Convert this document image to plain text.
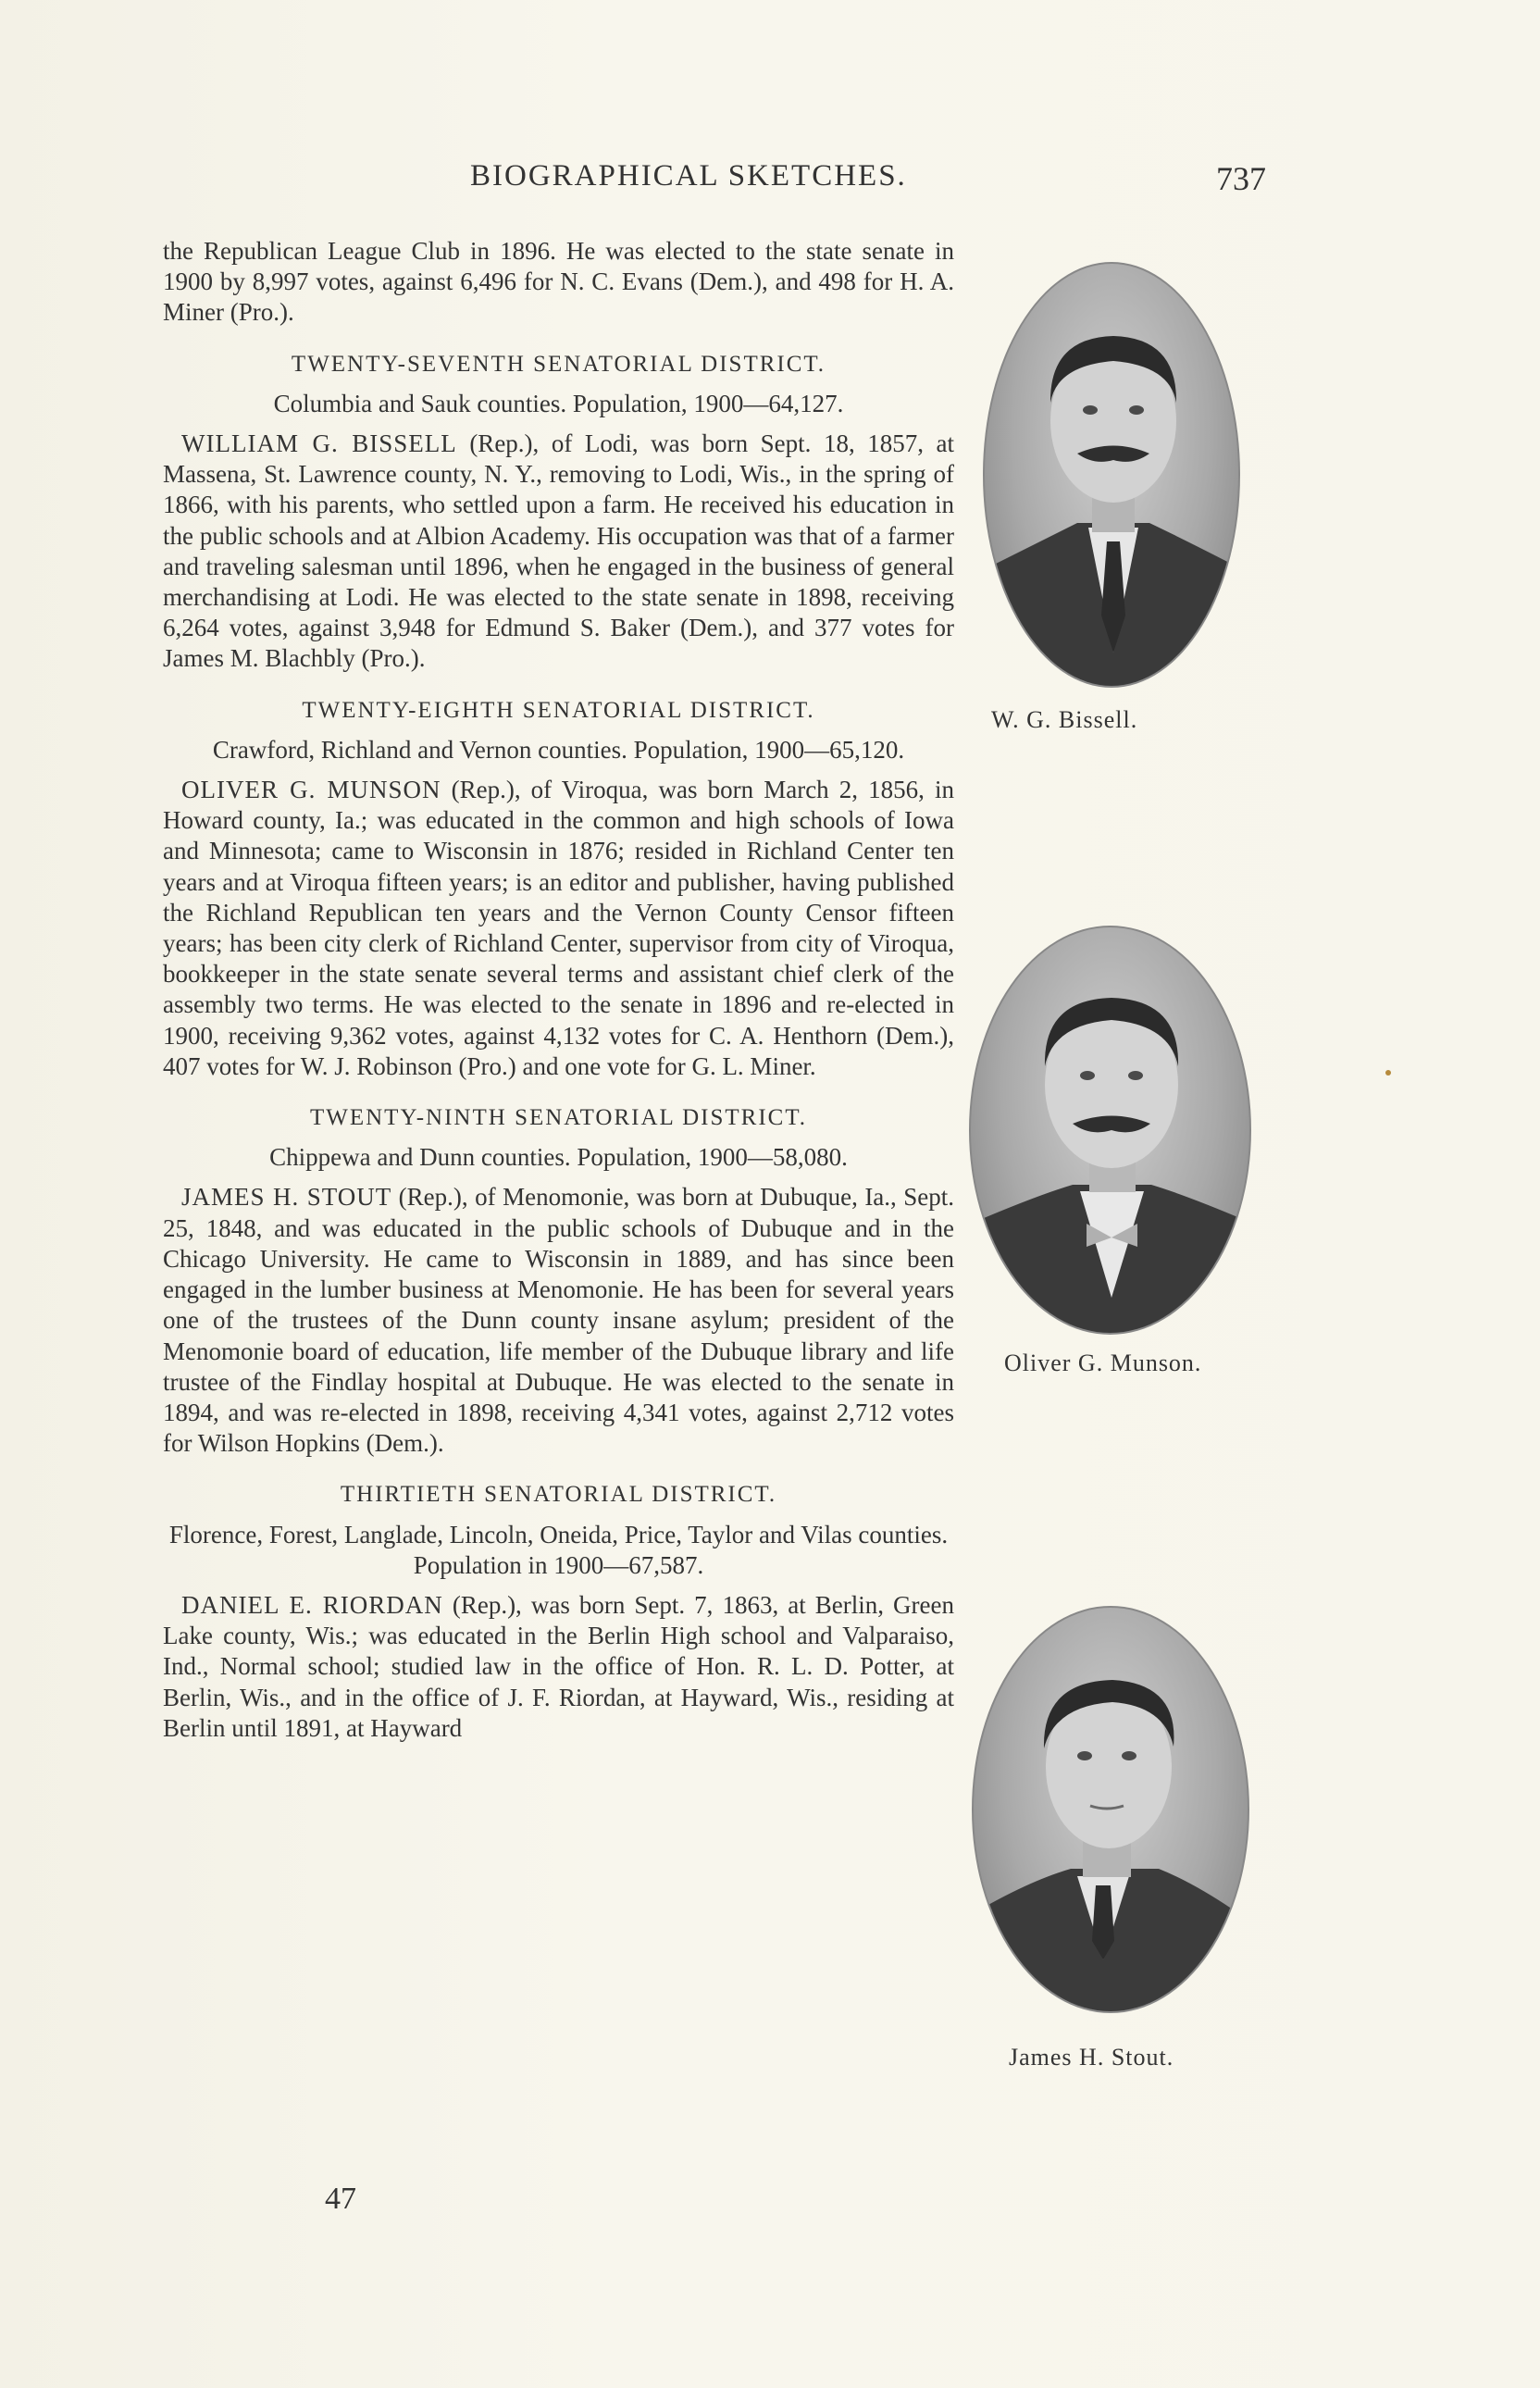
BIOGRAPHICAL SKETCHES.	737

the Republican League Club in 1896. He was elected to the state senate in 1900 by 8,997 votes, against 6,496 for N. C. Evans (Dem.), and 498 for H. A. Miner (Pro.).

TWENTY-SEVENTH SENATORIAL DISTRICT.
Columbia and Sauk counties. Population, 1900—64,127.

WILLIAM G. BISSELL (Rep.), of Lodi, was born Sept. 18, 1857, at Massena, St. Lawrence county, N. Y., removing to Lodi, Wis., in the spring of 1866, with his parents, who settled upon a farm. He received his education in the public schools and at Albion Academy. His occupation was that of a farmer and traveling salesman until 1896, when he engaged in the business of general merchandising at Lodi. He was elected to the state senate in 1898, receiving 6,264 votes, against 3,948 for Edmund S. Baker (Dem.), and 377 votes for James M. Blachbly (Pro.).

TWENTY-EIGHTH SENATORIAL DISTRICT.
Crawford, Richland and Vernon counties. Population, 1900—65,120.

OLIVER G. MUNSON (Rep.), of Viroqua, was born March 2, 1856, in Howard county, Ia.; was educated in the common and high schools of Iowa and Minnesota; came to Wisconsin in 1876; resided in Richland Center ten years and at Viroqua fifteen years; is an editor and publisher, having published the Richland Republican ten years and the Vernon County Censor fifteen years; has been city clerk of Richland Center, supervisor from city of Viroqua, bookkeeper in the state senate several terms and assistant chief clerk of the assembly two terms. He was elected to the senate in 1896 and re-elected in 1900, receiving 9,362 votes, against 4,132 votes for C. A. Henthorn (Dem.), 407 votes for W. J. Robinson (Pro.) and one vote for G. L. Miner.

TWENTY-NINTH SENATORIAL DISTRICT.
Chippewa and Dunn counties. Population, 1900—58,080.

JAMES H. STOUT (Rep.), of Menomonie, was born at Dubuque, Ia., Sept. 25, 1848, and was educated in the public schools of Dubuque and in the Chicago University. He came to Wisconsin in 1889, and has since been engaged in the lumber business at Menomonie. He has been for several years one of the trustees of the Dunn county insane asylum; president of the Menomonie board of education, life member of the Dubuque library and life trustee of the Findlay hospital at Dubuque. He was elected to the senate in 1894, and was re-elected in 1898, receiving 4,341 votes, against 2,712 votes for Wilson Hopkins (Dem.).

THIRTIETH SENATORIAL DISTRICT.
Florence, Forest, Langlade, Lincoln, Oneida, Price, Taylor and Vilas counties. Population in 1900—67,587.

DANIEL E. RIORDAN (Rep.), was born Sept. 7, 1863, at Berlin, Green Lake county, Wis.; was educated in the Berlin High school and Valparaiso, Ind., Normal school; studied law in the office of Hon. R. L. D. Potter, at Berlin, Wis., and in the office of J. F. Riordan, at Hayward, Wis., residing at Berlin until 1891, at Hayward

W. G. Bissell.
Oliver G. Munson.
James H. Stout.
47
